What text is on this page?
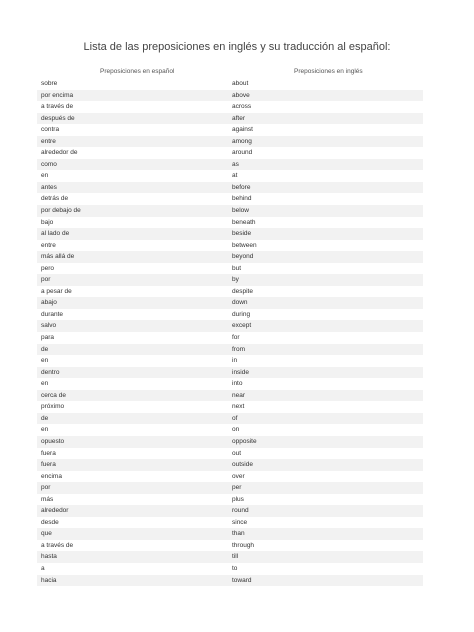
Lista de las preposiciones en inglés y su traducción al español:
Preposiciones en español	Preposiciones en inglés
sobre	about
por encima	above
a través de	across
después de	after
contra	against
entre	among
alrededor de	around
como	as
en	at
antes	before
detrás de	behind
por debajo de	below
bajo	beneath
al lado de	beside
entre	between
más allá de	beyond
pero	but
por	by
a pesar de	despite
abajo	down
durante	during
salvo	except
para	for
de	from
en	in
dentro	inside
en	into
cerca de	near
próximo	next
de	of
en	on
opuesto	opposite
fuera	out
fuera	outside
encima	over
por	per
más	plus
alrededor	round
desde	since
que	than
a través de	through
hasta	till
a	to
hacia	toward
